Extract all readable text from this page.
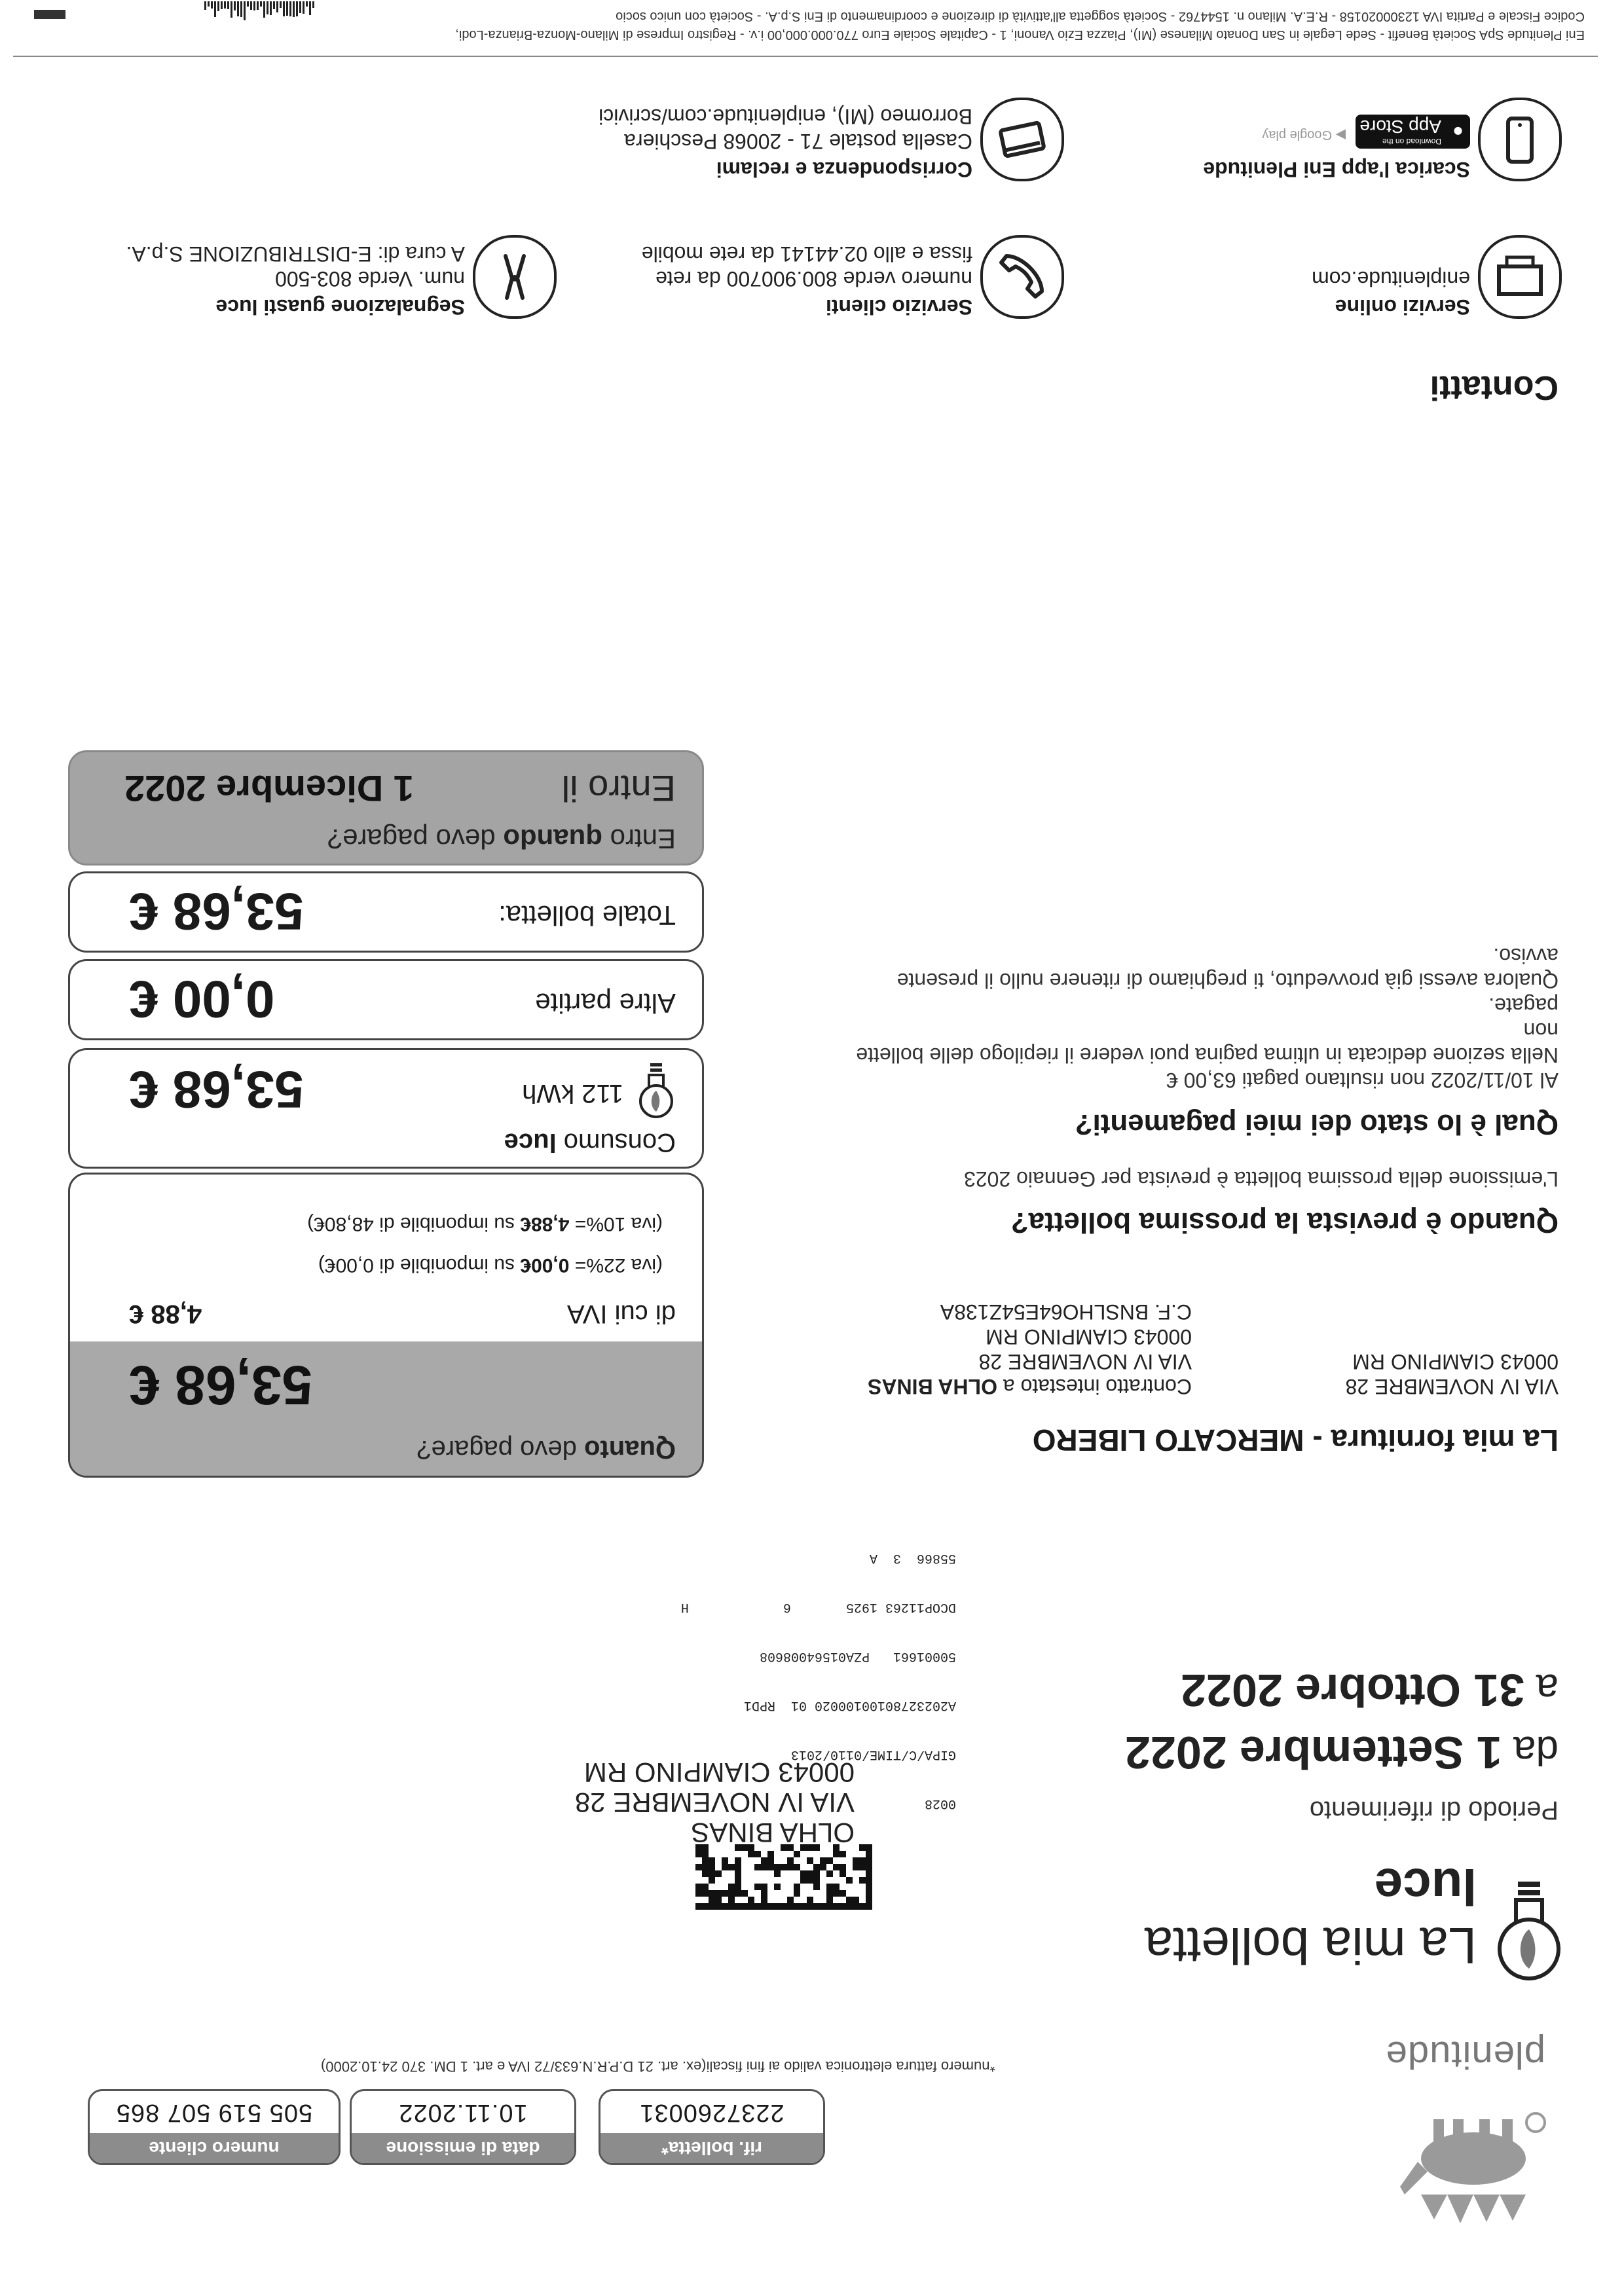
plenitude
rif. bolletta*
223726003​1
data di emissione
10.11.2022
numero cliente
505 519 507 865
*numero fattura elettronica valido ai fini fiscali(ex. art. 21 D.P.R.N.633/72 IVA e art. 1 DM. 370 24.10.2000)
La mia bolletta
luce
Periodo di riferimento
da 1 Settembre 2022
a 31 Ottobre 2022

0028

GIPA/C/TIME/0110/2013

A20232780100100020 01  RPD1

50001661   PZA01564008608

DCOP11263 1925       6            H

55866  3  A

OLHA BINAS
VIA IV NOVEMBRE 28
00043 CIAMPINO RM
La mia fornitura - MERCATO LIBERO
VIA IV NOVEMBRE 28
00043 CIAMPINO RM
Contratto intestato a OLHA BINAS
VIA IV NOVEMBRE 28
00043 CIAMPINO RM
C.F. BNSLHO64E54Z138A
Quando è prevista la prossima bolletta?
L'emissione della prossima bolletta è prevista per Gennaio 2023
Qual è lo stato dei miei pagamenti?
Al 10/11/2022 non risultano pagati 63,00 €
Nella sezione dedicata in ultima pagina puoi vedere il riepilogo delle bollette non
pagate.
Qualora avessi già provveduto, ti preghiamo di ritenere nullo il presente avviso.
Quanto devo pagare?
53,68 €
di cui IVA
4,88 €
(iva 22%= 0,00€ su imponibile di 0,00€)
(iva 10%= 4,88€ su imponibile di 48,80€)
Consumo luce
112 kWh
53,68 €
Altre partite
0,00 €
Totale bolletta:
53,68 €
Entro quando devo pagare?
Entro il
1 Dicembre 2022
Contatti
Servizi online
eniplenitude.com
Servizio clienti
numero verde 800.900700 da rete
fissa e allo 02.44141 da rete mobile
Segnalazione guasti luce
num. Verde 803-500
A cura di: E-DISTRIBUZIONE S.p.A.
Scarica l'app Eni Plenitude
●
Download on the
App Store
▶ Google play
Corrispondenza e reclami
Casella postale 71 - 20068 Peschiera
Borromeo (MI), eniplenitude.com/scrivici
Eni Plenitude SpA Società Benefit - Sede Legale in San Donato Milanese (MI), Piazza Ezio Vanoni, 1 - Capitale Sociale Euro 770.000.000,00 i.v. - Registro Imprese di Milano-Monza-Brianza-Lodi,
Codice Fiscale e Partita IVA 12300020158 - R.E.A. Milano n. 1544762 - Società soggetta all'attività di direzione e coordinamento di Eni S.p.A. - Società con unico socio
